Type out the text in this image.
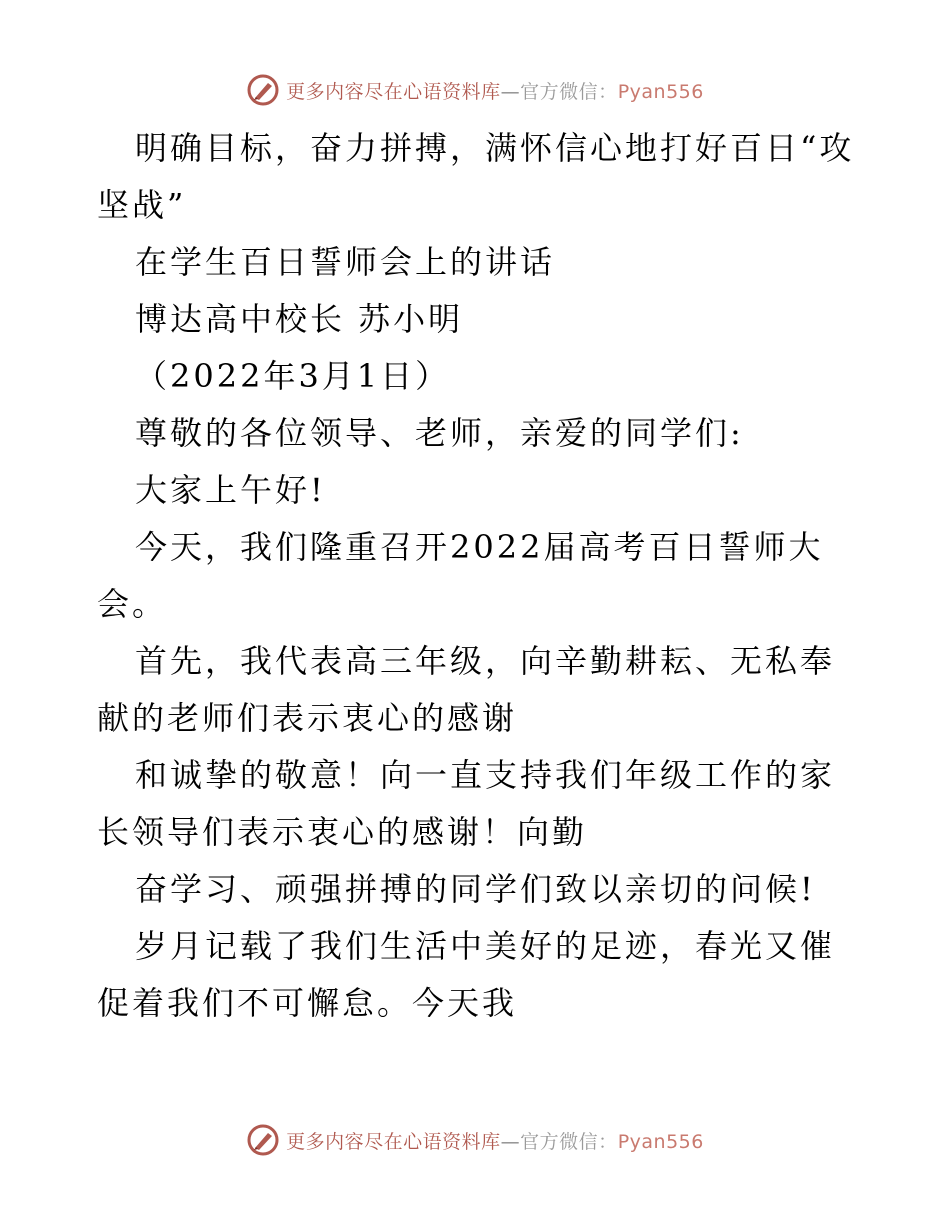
更多内容尽在心语资料库—官方微信：Pyan556

明确目标，奋力拼搏，满怀信心地打好百日“攻坚战”

在学生百日誓师会上的讲话

博达高中校长 苏小明

（2022年3月1日）

尊敬的各位领导、老师，亲爱的同学们:

大家上午好!

今天，我们隆重召开2022届高考百日誓师大会。

首先，我代表高三年级，向辛勤耕耘、无私奉献的老师们表示衷心的感谢

和诚挚的敬意！向一直支持我们年级工作的家长领导们表示衷心的感谢！向勤

奋学习、顽强拼搏的同学们致以亲切的问候!

岁月记载了我们生活中美好的足迹，春光又催促着我们不可懈怠。今天我

更多内容尽在心语资料库—官方微信：Pyan556
